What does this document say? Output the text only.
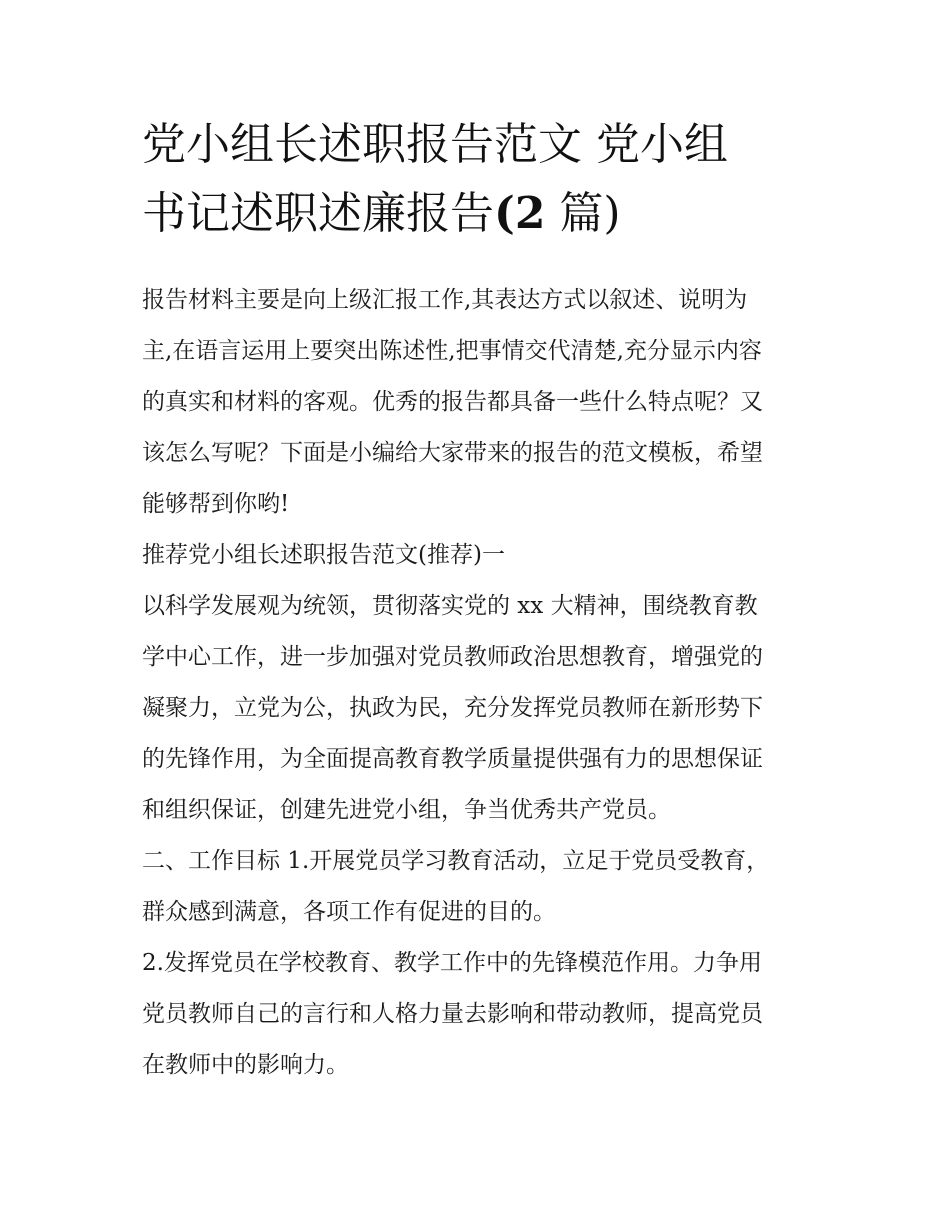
党小组长述职报告范文 党小组
书记述职述廉报告(2 篇)
报告材料主要是向上级汇报工作,其表达方式以叙述、说明为
主,在语言运用上要突出陈述性,把事情交代清楚,充分显示内容
的真实和材料的客观。优秀的报告都具备一些什么特点呢？又
该怎么写呢？下面是小编给大家带来的报告的范文模板，希望
能够帮到你哟!
推荐党小组长述职报告范文(推荐)一
以科学发展观为统领，贯彻落实党的 xx 大精神，围绕教育教
学中心工作，进一步加强对党员教师政治思想教育，增强党的
凝聚力，立党为公，执政为民，充分发挥党员教师在新形势下
的先锋作用，为全面提高教育教学质量提供强有力的思想保证
和组织保证，创建先进党小组，争当优秀共产党员。
二、工作目标 1.开展党员学习教育活动，立足于党员受教育，
群众感到满意，各项工作有促进的目的。
2.发挥党员在学校教育、教学工作中的先锋模范作用。力争用
党员教师自己的言行和人格力量去影响和带动教师，提高党员
在教师中的影响力。
